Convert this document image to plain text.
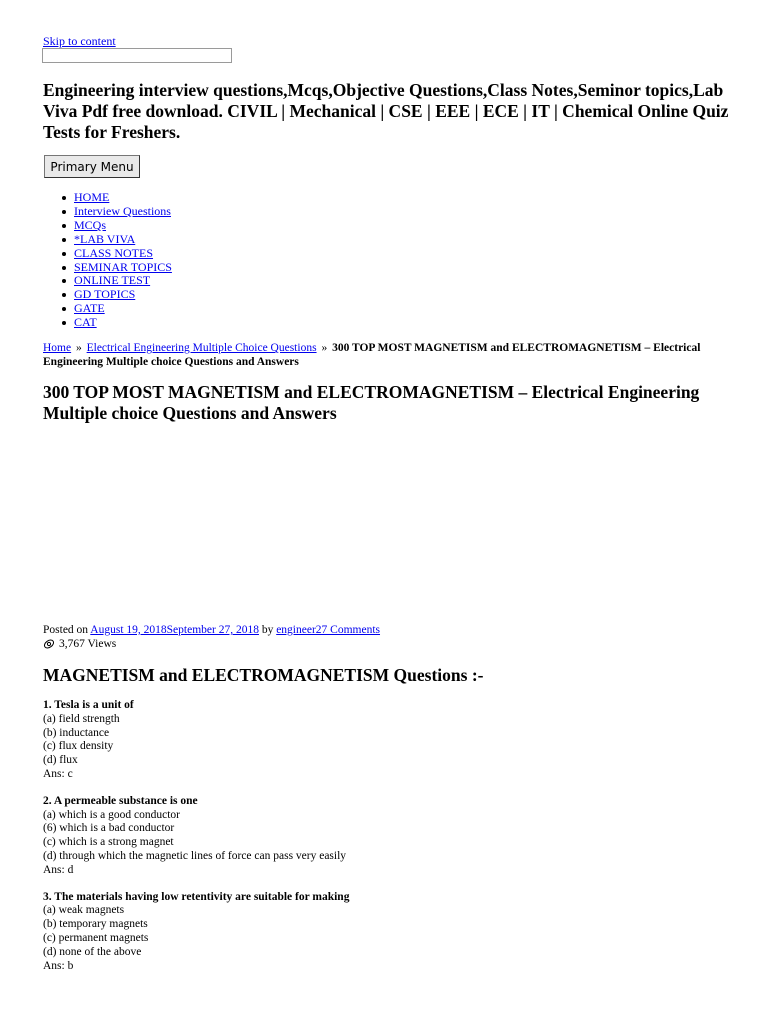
Skip to content
Engineering interview questions,Mcqs,Objective Questions,Class Notes,Seminor topics,Lab Viva Pdf free download. CIVIL | Mechanical | CSE | EEE | ECE | IT | Chemical Online Quiz Tests for Freshers.
Primary Menu
HOME
Interview Questions
MCQs
*LAB VIVA
CLASS NOTES
SEMINAR TOPICS
ONLINE TEST
GD TOPICS
GATE
CAT
Home » Electrical Engineering Multiple Choice Questions » 300 TOP MOST MAGNETISM and ELECTROMAGNETISM – Electrical Engineering Multiple choice Questions and Answers
300 TOP MOST MAGNETISM and ELECTROMAGNETISM – Electrical Engineering Multiple choice Questions and Answers
Posted on August 19, 2018September 27, 2018 by engineer27 Comments
3,767 Views
MAGNETISM and ELECTROMAGNETISM Questions :-
1. Tesla is a unit of
(a) field strength
(b) inductance
(c) flux density
(d) flux
Ans: c
2. A permeable substance is one
(a) which is a good conductor
(6) which is a bad conductor
(c) which is a strong magnet
(d) through which the magnetic lines of force can pass very easily
Ans: d
3. The materials having low retentivity are suitable for making
(a) weak magnets
(b) temporary magnets
(c) permanent magnets
(d) none of the above
Ans: b
